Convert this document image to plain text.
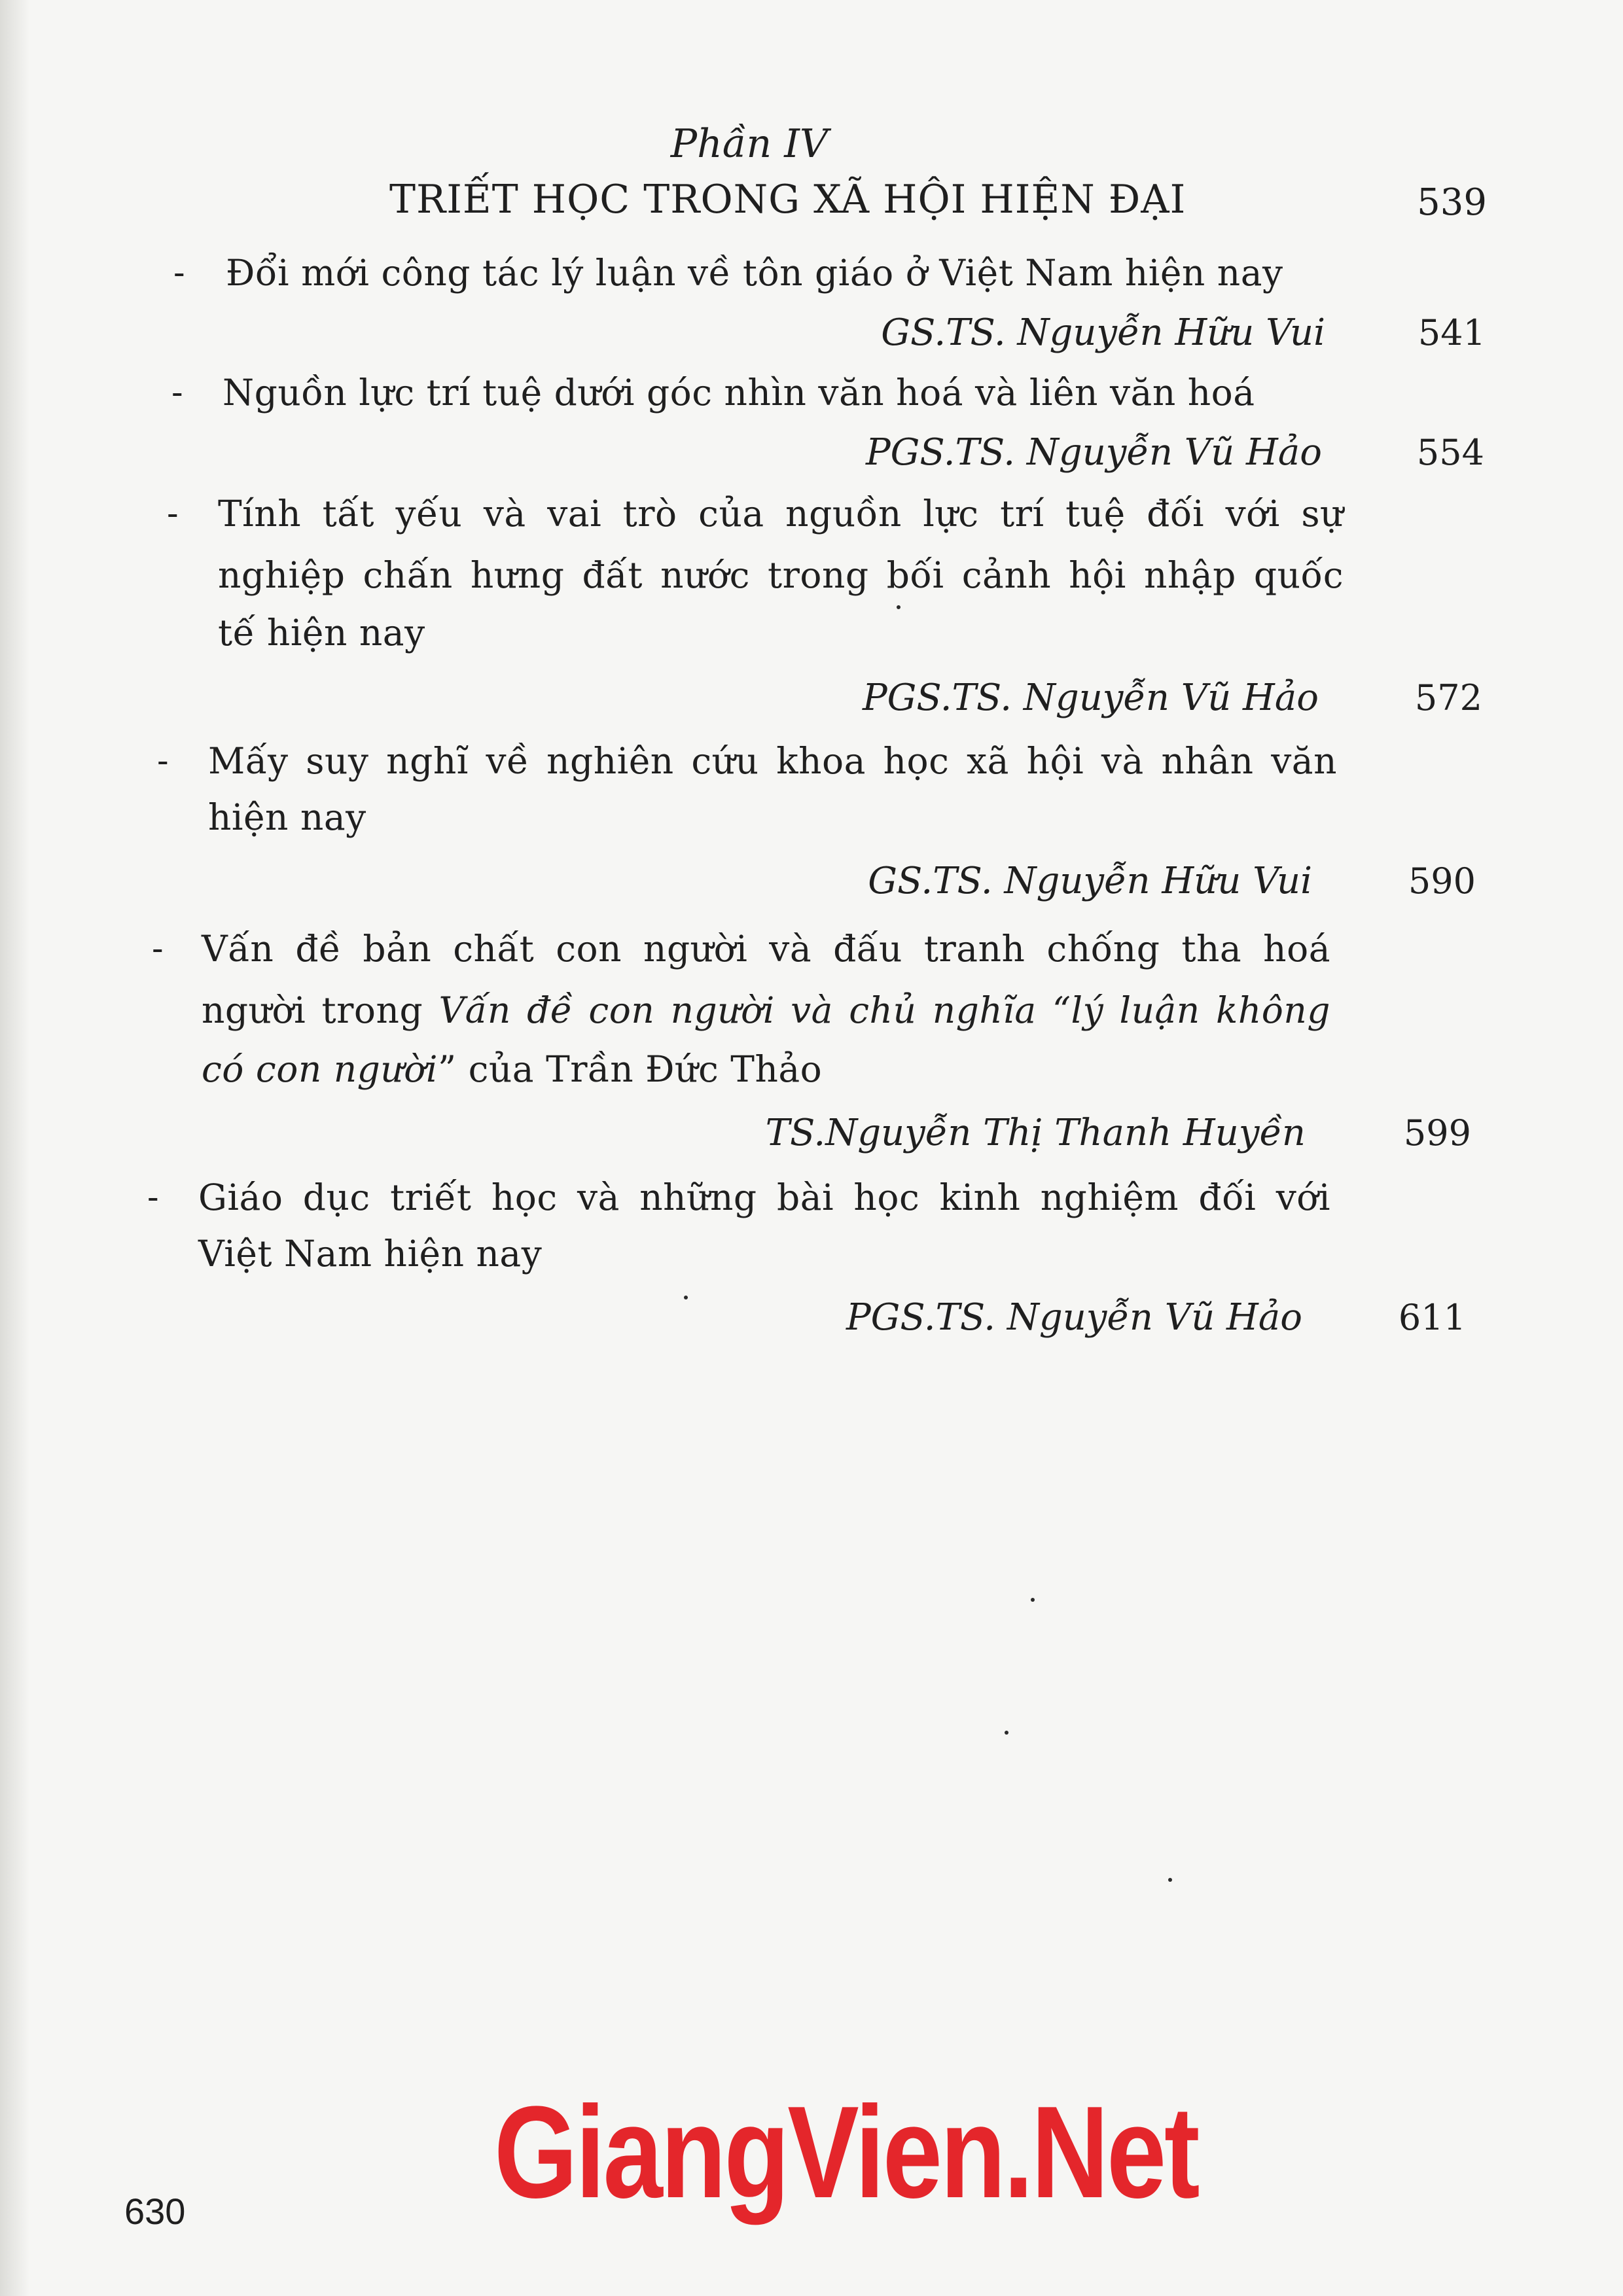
Phần IV
TRIẾT HỌC TRONG XÃ HỘI HIỆN ĐẠI	539
- Đổi mới công tác lý luận về tôn giáo ở Việt Nam hiện nay
GS.TS. Nguyễn Hữu Vui	541
- Nguồn lực trí tuệ dưới góc nhìn văn hoá và liên văn hoá
PGS.TS. Nguyễn Vũ Hảo	554
- Tính tất yếu và vai trò của nguồn lực trí tuệ đối với sự
nghiệp chấn hưng đất nước trong bối cảnh hội nhập quốc
tế hiện nay
PGS.TS. Nguyễn Vũ Hảo	572
- Mấy suy nghĩ về nghiên cứu khoa học xã hội và nhân văn
hiện nay
GS.TS. Nguyễn Hữu Vui	590
- Vấn đề bản chất con người và đấu tranh chống tha hoá
người trong Vấn đề con người và chủ nghĩa “lý luận không
có con người” của Trần Đức Thảo
TS.Nguyễn Thị Thanh Huyền	599
- Giáo dục triết học và những bài học kinh nghiệm đối với
Việt Nam hiện nay
PGS.TS. Nguyễn Vũ Hảo	611
630 GiangVien.Net
